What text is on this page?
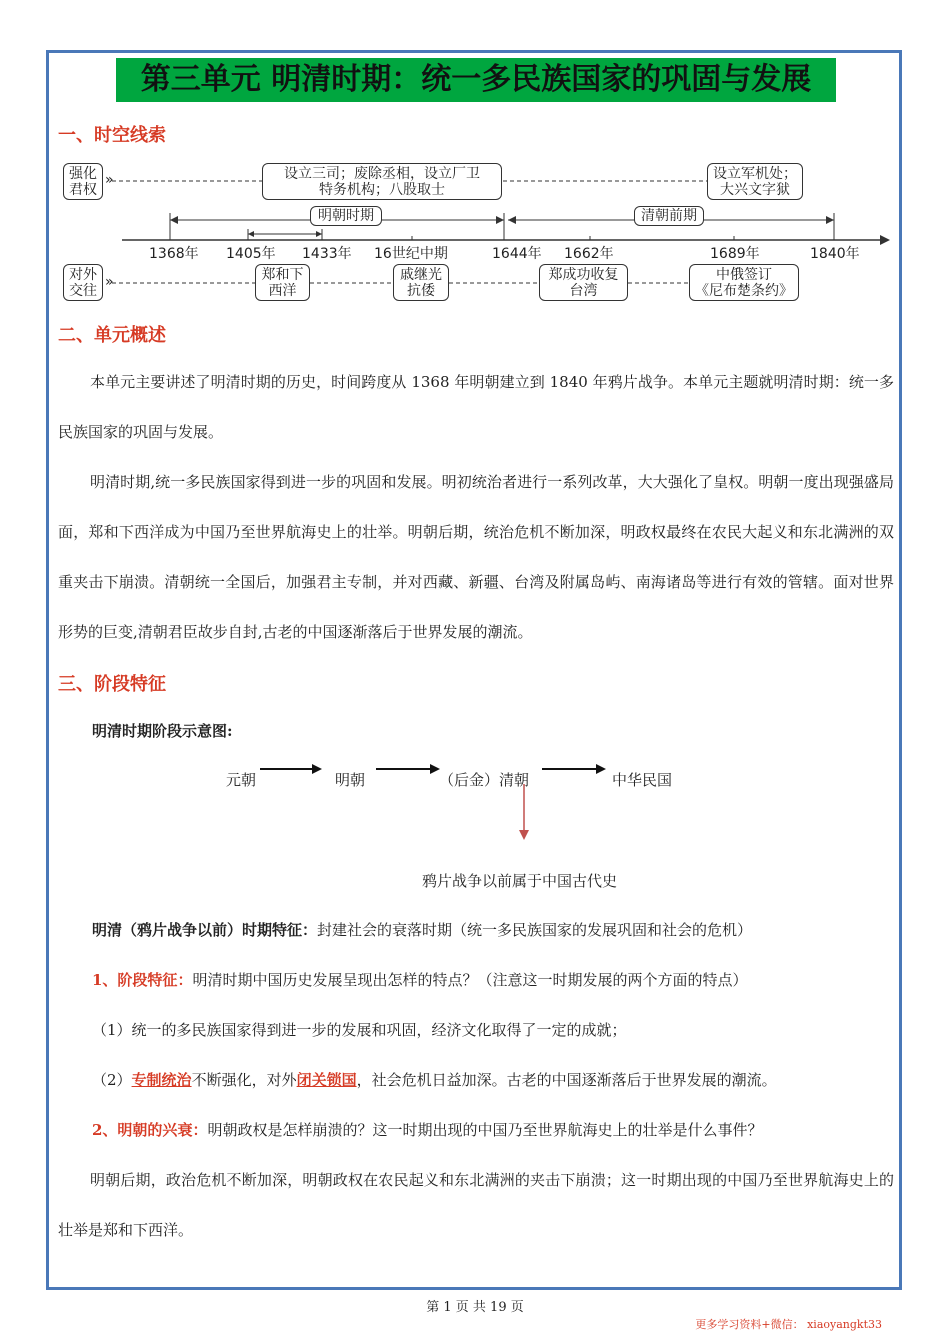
第三单元 明清时期：统一多民族国家的巩固与发展
一、时空线索
强化
君权
»	设立三司；废除丞相，设立厂卫
特务机构；八股取士
设立军机处；
大兴文字狱
明朝时期	清朝前期
1368年 1405年 1433年 16世纪中期	1644年 1662年	1689年	1840年
对外
交往
»	郑和下
西洋
戚继光
抗倭
郑成功收复
台湾
中俄签订
《尼布楚条约》
二、单元概述

本单元主要讲述了明清时期的历史，时间跨度从 1368 年明朝建立到 1840 年鸦片战争。本单元主题就明清时期：统一多民族国家的巩固与发展。

明清时期,统一多民族国家得到进一步的巩固和发展。明初统治者进行一系列改革，大大强化了皇权。明朝一度出现强盛局面，郑和下西洋成为中国乃至世界航海史上的壮举。明朝后期，统治危机不断加深，明政权最终在农民大起义和东北满洲的双重夹击下崩溃。清朝统一全国后，加强君主专制，并对西藏、新疆、台湾及附属岛屿、南海诸岛等进行有效的管辖。面对世界形势的巨变,清朝君臣故步自封,古老的中国逐渐落后于世界发展的潮流。

三、阶段特征
明清时期阶段示意图:
元朝	明朝	（后金）清朝	中华民国
鸦片战争以前属于中国古代史
明清（鸦片战争以前）时期特征：封建社会的衰落时期（统一多民族国家的发展巩固和社会的危机）
1、阶段特征：明清时期中国历史发展呈现出怎样的特点？（注意这一时期发展的两个方面的特点）
（1）统一的多民族国家得到进一步的发展和巩固，经济文化取得了一定的成就；
（2）专制统治不断强化，对外闭关锁国，社会危机日益加深。古老的中国逐渐落后于世界发展的潮流。
2、明朝的兴衰：明朝政权是怎样崩溃的？这一时期出现的中国乃至世界航海史上的壮举是什么事件？

明朝后期，政治危机不断加深，明朝政权在农民起义和东北满洲的夹击下崩溃；这一时期出现的中国乃至世界航海史上的壮举是郑和下西洋。

第 1 页 共 19 页
更多学习资料+微信： xiaoyangkt33
